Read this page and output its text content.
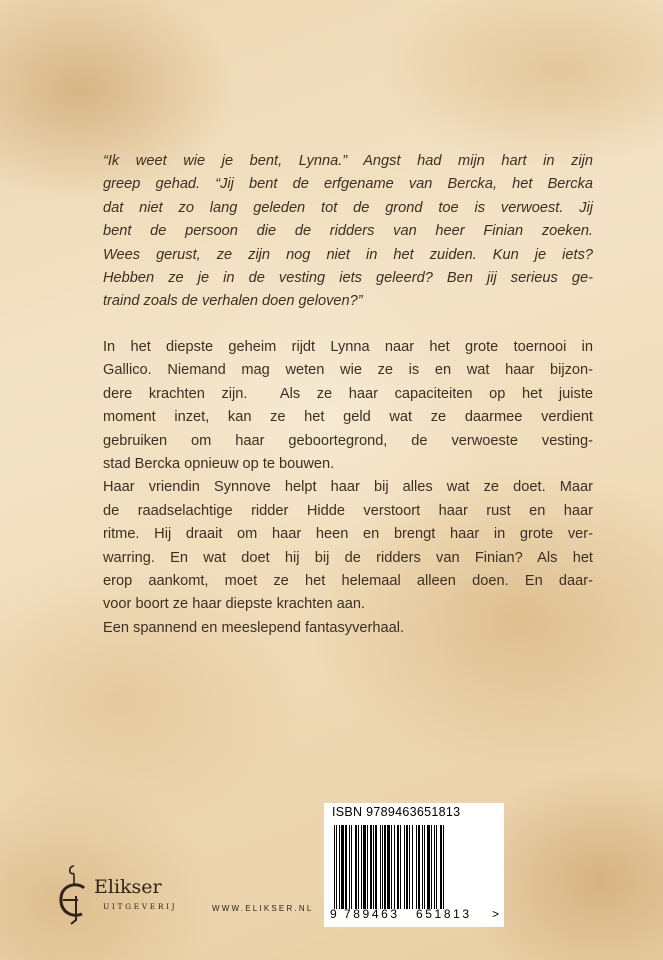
“Ik weet wie je bent, Lynna.” Angst had mijn hart in zijn

greep gehad. “Jij bent de erfgename van Bercka, het Bercka

dat niet zo lang geleden tot de grond toe is verwoest. Jij

bent de persoon die de ridders van heer Finian zoeken.

Wees gerust, ze zijn nog niet in het zuiden. Kun je iets?

Hebben ze je in de vesting iets geleerd? Ben jij serieus ge-

traind zoals de verhalen doen geloven?”

In het diepste geheim rijdt Lynna naar het grote toernooi in

Gallico. Niemand mag weten wie ze is en wat haar bijzon-

dere krachten zijn.  Als ze haar capaciteiten op het juiste

moment inzet, kan ze het geld wat ze daarmee verdient

gebruiken om haar geboortegrond, de verwoeste vesting-

stad Bercka opnieuw op te bouwen.

Haar vriendin Synnove helpt haar bij alles wat ze doet. Maar

de raadselachtige ridder Hidde verstoort haar rust en haar

ritme. Hij draait om haar heen en brengt haar in grote ver-

warring. En wat doet hij bij de ridders van Finian? Als het

erop aankomt, moet ze het helemaal alleen doen. En daar-

voor boort ze haar diepste krachten aan.

Een spannend en meeslepend fantasyverhaal.

ISBN 9789463651813
9 789463 651813 >
Elikser
UITGEVERIJ	WWW.ELIKSER.NL
